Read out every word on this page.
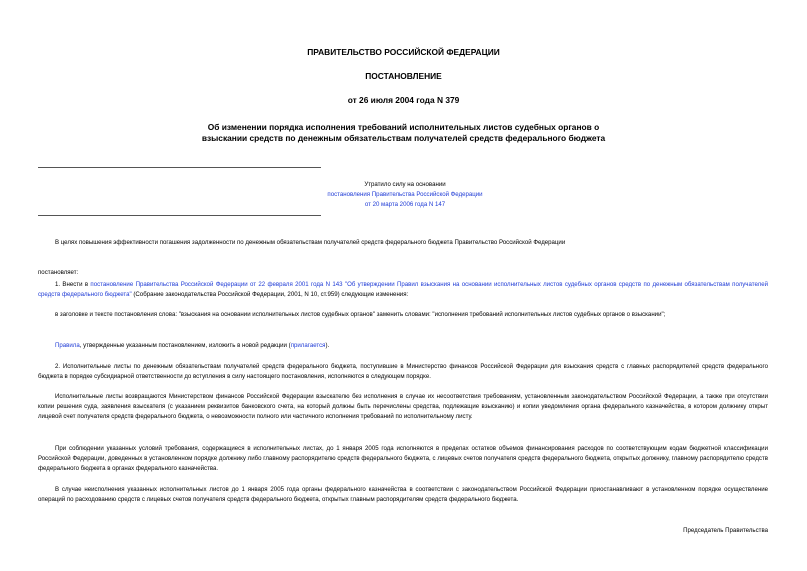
ПРАВИТЕЛЬСТВО РОССИЙСКОЙ ФЕДЕРАЦИИ
ПОСТАНОВЛЕНИЕ
от 26 июля 2004 года N 379
Об изменении порядка исполнения требований исполнительных листов судебных органов о взыскании средств по денежным обязательствам получателей средств федерального бюджета
Утратило силу на основании
постановления Правительства Российской Федерации
от 20 марта 2006 года N 147
В целях повышения эффективности погашения задолженности по денежным обязательствам получателей средств федерального бюджета Правительство Российской Федерации
постановляет:
1. Внести в постановление Правительства Российской Федерации от 22 февраля 2001 года N 143 "Об утверждении Правил взыскания на основании исполнительных листов судебных органов средств по денежным обязательствам получателей средств федерального бюджета" (Собрание законодательства Российской Федерации, 2001, N 10, ст.959) следующие изменения:
в заголовке и тексте постановления слова: "взыскания на основании исполнительных листов судебных органов" заменить словами: "исполнения требований исполнительных листов судебных органов о взыскании";
Правила, утвержденные указанным постановлением, изложить в новой редакции (прилагается).
2. Исполнительные листы по денежным обязательствам получателей средств федерального бюджета, поступившие в Министерство финансов Российской Федерации для взыскания средств с главных распорядителей средств федерального бюджета в порядке субсидиарной ответственности до вступления в силу настоящего постановления, исполняются в следующем порядке.
Исполнительные листы возвращаются Министерством финансов Российской Федерации взыскателю без исполнения в случае их несоответствия требованиям, установленным законодательством Российской Федерации, а также при отсутствии копии решения суда, заявления взыскателя (с указанием реквизитов банковского счета, на который должны быть перечислены средства, подлежащие взысканию) и копии уведомления органа федерального казначейства, в котором должнику открыт лицевой счет получателя средств федерального бюджета, о невозможности полного или частичного исполнения требований по исполнительному листу.
При соблюдении указанных условий требования, содержащиеся в исполнительных листах, до 1 января 2005 года исполняются в пределах остатков объемов финансирования расходов по соответствующим кодам бюджетной классификации Российской Федерации, доведенных в установленном порядке должнику либо главному распорядителю средств федерального бюджета, с лицевых счетов получателя средств федерального бюджета, открытых должнику, главному распорядителю средств федерального бюджета в органах федерального казначейства.
В случае неисполнения указанных исполнительных листов до 1 января 2005 года органы федерального казначейства в соответствии с законодательством Российской Федерации приостанавливают в установленном порядке осуществление операций по расходованию средств с лицевых счетов получателя средств федерального бюджета, открытых главным распорядителям средств федерального бюджета.
Председатель Правительства
